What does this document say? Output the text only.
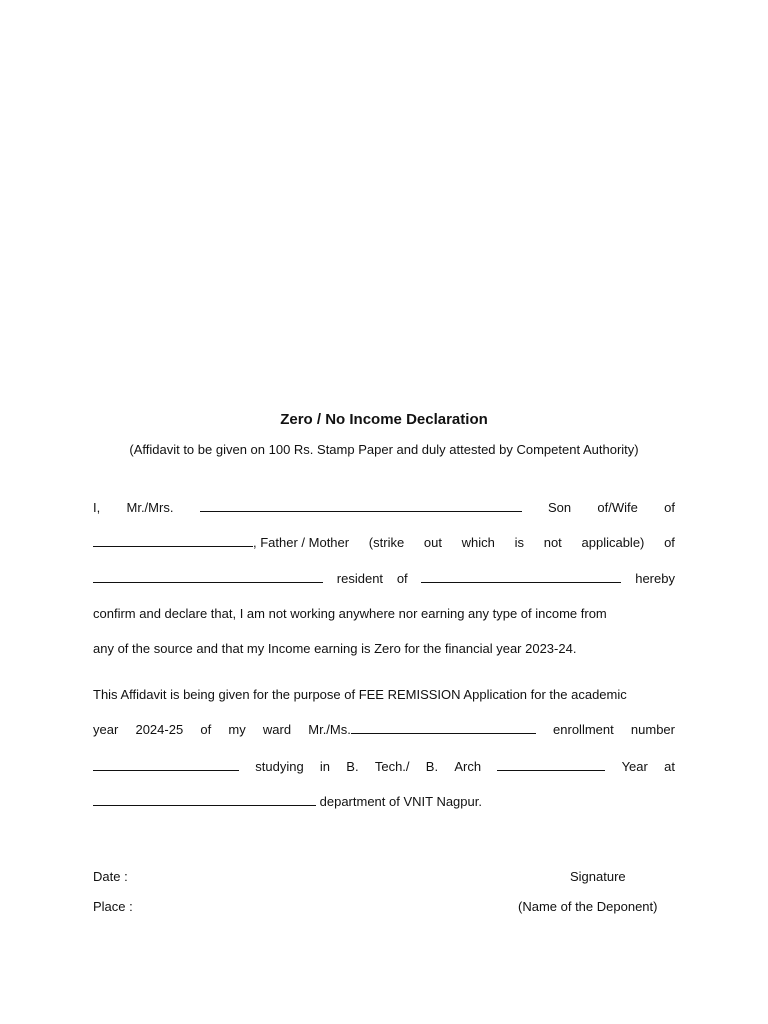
Zero / No Income Declaration
(Affidavit to be given on 100 Rs. Stamp Paper and duly attested by Competent Authority)
I, Mr./Mrs.	Son of/Wife of
, Father / Mother (strike out which is not applicable) of
resident of	hereby
confirm and declare that, I am not working anywhere nor earning any type of income from
any of the source and that my Income earning is Zero for the financial year 2023-24.
This Affidavit is being given for the purpose of FEE REMISSION Application for the academic
year 2024-25 of my ward Mr./Ms.	enrollment number
studying in B. Tech./ B. Arch	Year at
department of VNIT Nagpur.
Date :	Signature
Place :	(Name of the Deponent)
